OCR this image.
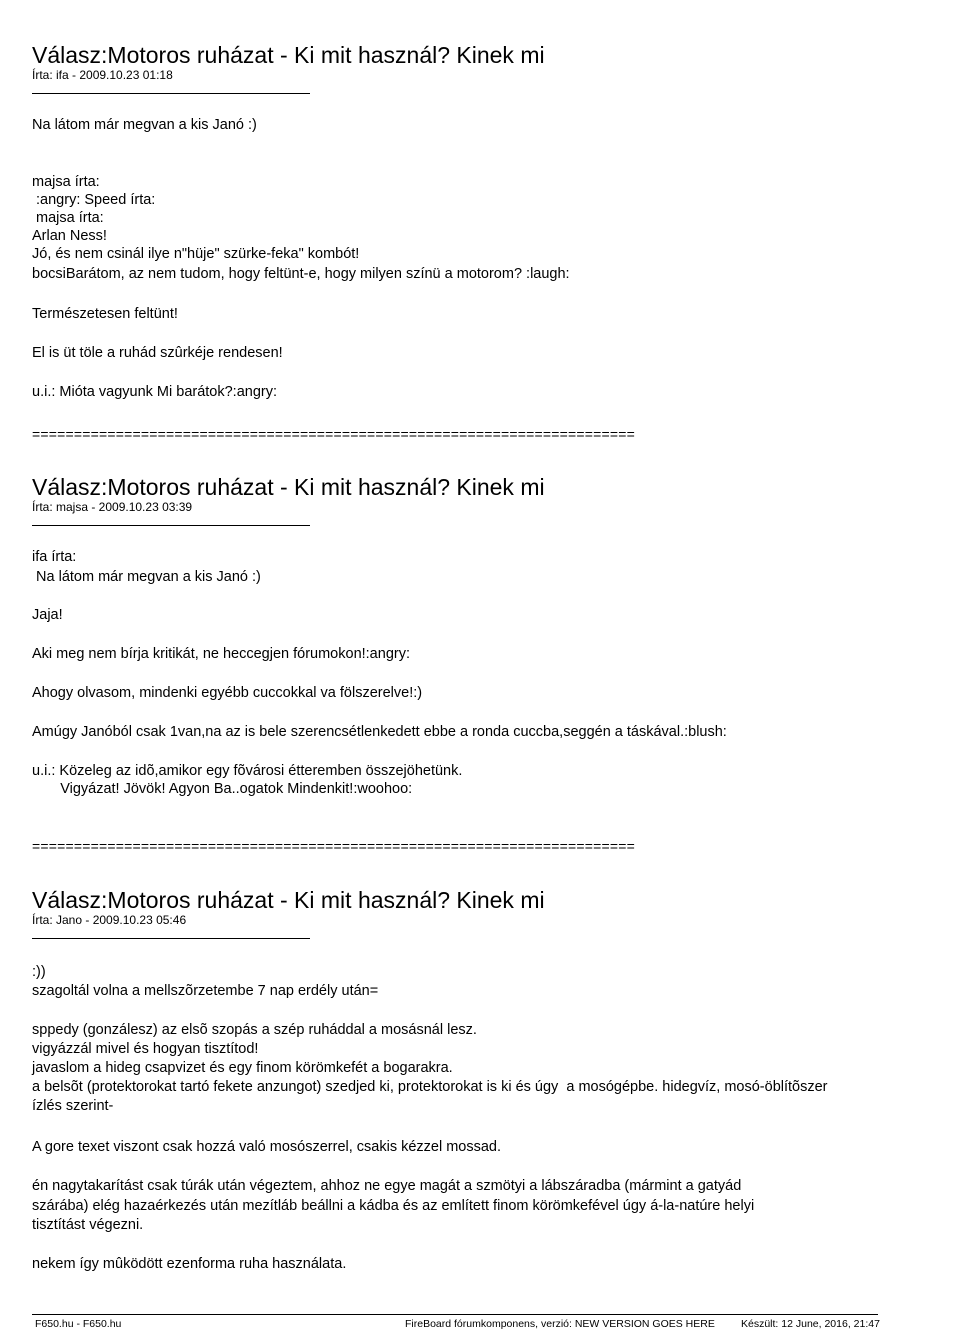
Válasz:Motoros ruházat - Ki mit használ? Kinek mi

Írta: ifa - 2009.10.23 01:18

Na látom már megvan a kis Janó :)
majsa írta:
:angry: Speed írta:
majsa írta:
Arlan Ness!
Jó, és nem csinál ilye n"hüje" szürke-feka" kombót!
bocsiBarátom, az nem tudom, hogy feltünt-e, hogy milyen színü a motorom? :laugh:
Természetesen feltünt!
El is üt töle a ruhád szûrkéje rendesen!
u.i.: Mióta vagyunk Mi barátok?:angry:
========================================================================
Válasz:Motoros ruházat - Ki mit használ? Kinek mi

Írta: majsa - 2009.10.23 03:39

ifa írta:
Na látom már megvan a kis Janó :)
Jaja!
Aki meg nem bírja kritikát, ne heccegjen fórumokon!:angry:
Ahogy olvasom, mindenki egyébb cuccokkal va fölszerelve!:)
Amúgy Janóból csak 1van,na az is bele szerencsétlenkedett ebbe a ronda cuccba,seggén a táskával.:blush:
u.i.: Közeleg az idõ,amikor egy fõvárosi étteremben összejöhetünk.
Vigyázat! Jövök! Agyon Ba..ogatok Mindenkit!:woohoo:
========================================================================
Válasz:Motoros ruházat - Ki mit használ? Kinek mi

Írta: Jano - 2009.10.23 05:46

:))
szagoltál volna a mellszõrzetembe 7 nap erdély után=
sppedy (gonzálesz) az elsõ szopás a szép ruháddal a mosásnál lesz.
vigyázzál mivel és hogyan tisztítod!
javaslom a hideg csapvizet és egy finom körömkefét a bogarakra.
a belsõt (protektorokat tartó fekete anzungot) szedjed ki, protektorokat is ki és úgy  a mosógépbe. hidegvíz, mosó-öblítõszer
ízlés szerint-
A gore texet viszont csak hozzá való mosószerrel, csakis kézzel mossad.
én nagytakarítást csak túrák után végeztem, ahhoz ne egye magát a szmötyi a lábszáradba (mármint a gatyád
szárába) elég hazaérkezés után mezítláb beállni a kádba és az említett finom körömkefével úgy á-la-natúre helyi
tisztítást végezni.
nekem így mûködött ezenforma ruha használata.
F650.hu - F650.hu	FireBoard fórumkomponens, verzió: NEW VERSION GOES HERE Készült: 12 June, 2016, 21:47
